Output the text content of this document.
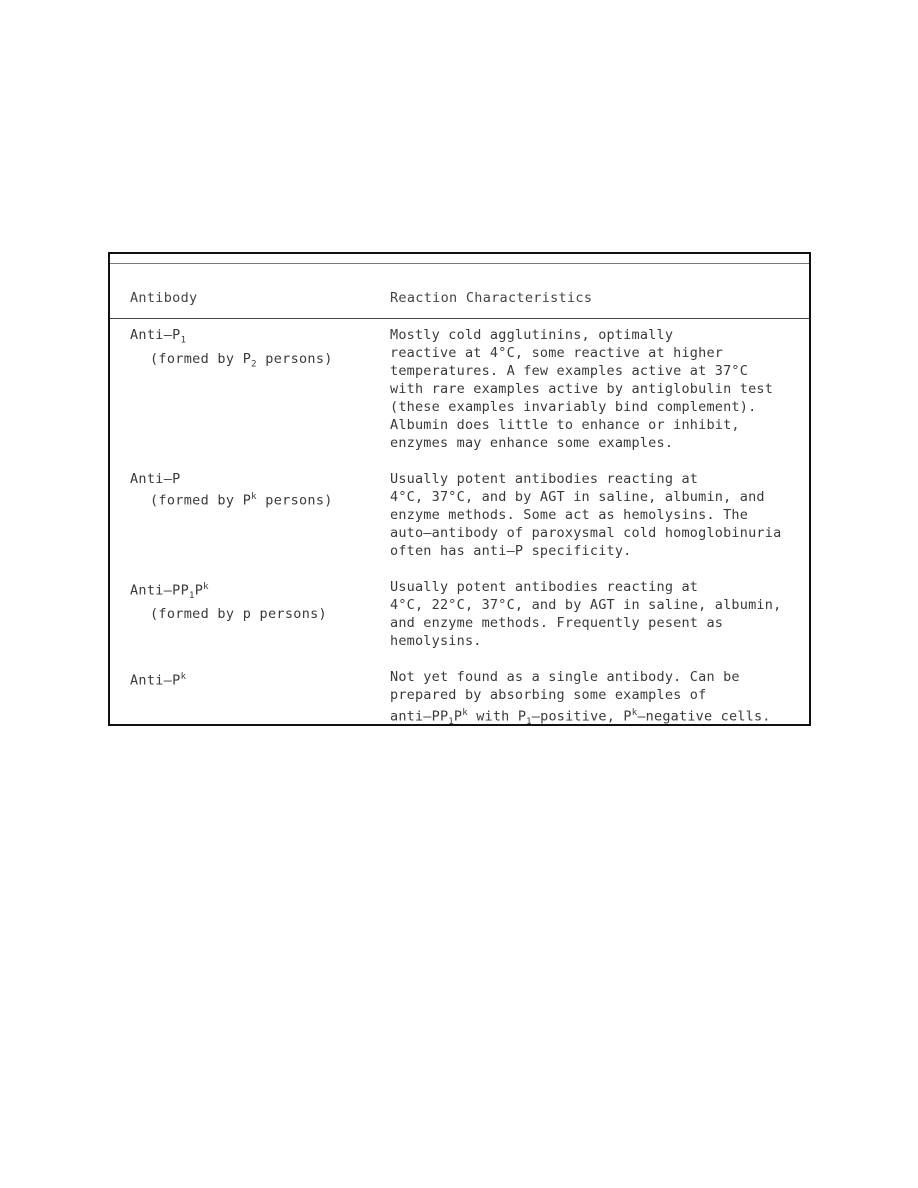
Antibody	Reaction Characteristics
Anti–$P_1$
(formed by $P_2$ persons)
Mostly cold agglutinins, optimally
reactive at 4°C, some reactive at higher
temperatures. A few examples active at 37°C
with rare examples active by antiglobulin test
(these examples invariably bind complement).
Albumin does little to enhance or inhibit,
enzymes may enhance some examples.
Anti–P
(formed by $P^k$ persons)
Usually potent antibodies reacting at
4°C, 37°C, and by AGT in saline, albumin, and
enzyme methods. Some act as hemolysins. The
auto–antibody of paroxysmal cold homoglobinuria
often has anti–P specificity.
Anti–$PP_1P^k$
(formed by p persons)
Usually potent antibodies reacting at
4°C, 22°C, 37°C, and by AGT in saline, albumin,
and enzyme methods. Frequently pesent as
hemolysins.
Anti–$P^k$	Not yet found as a single antibody. Can be
prepared by absorbing some examples of
anti–$PP_1P^k$ with $P_1$–positive, $P^k$–negative cells.
